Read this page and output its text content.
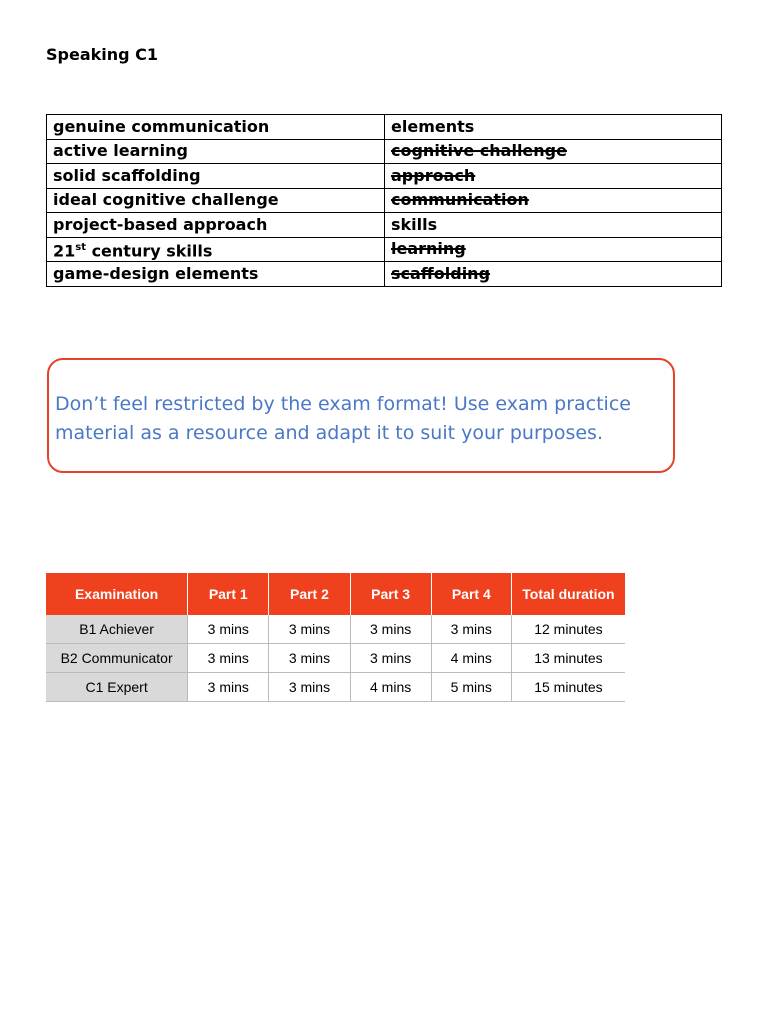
Speaking C1
genuine communication	elements
active learning	cognitive challenge
solid scaffolding	approach
ideal cognitive challenge	communication
project-based approach	skills
21st century skills	learning
game-design elements	scaffolding

Don’t feel restricted by the exam format! Use exam practice material as a resource and adapt it to suit your purposes.

Examination	Part 1	Part 2	Part 3	Part 4	Total duration
B1 Achiever	3 mins	3 mins	3 mins	3 mins	12 minutes
B2 Communicator	3 mins	3 mins	3 mins	4 mins	13 minutes
C1 Expert	3 mins	3 mins	4 mins	5 mins	15 minutes
